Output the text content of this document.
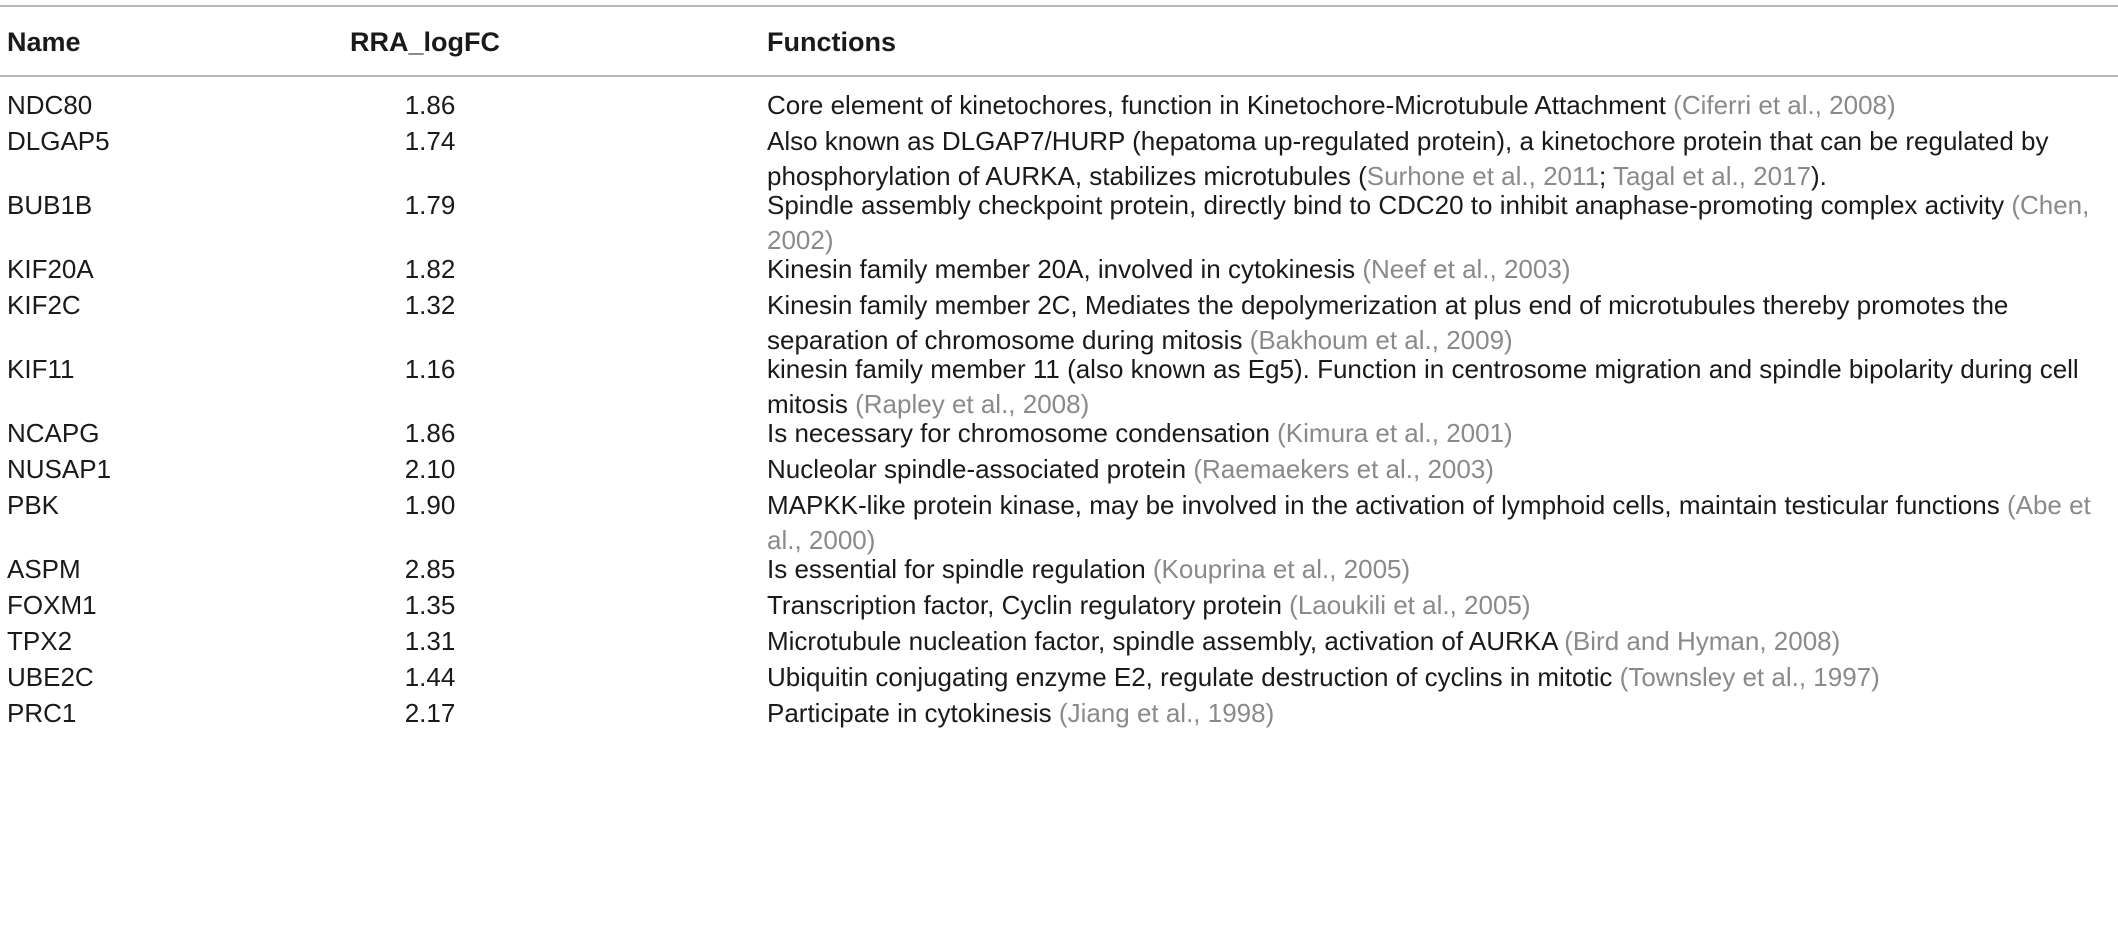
Name	RRA_logFC	Functions
NDC80	1.86	Core element of kinetochores, function in Kinetochore-Microtubule Attachment (Ciferri et al., 2008)
DLGAP5	1.74	Also known as DLGAP7/HURP (hepatoma up-regulated protein), a kinetochore protein that can be regulated by phosphorylation of AURKA, stabilizes microtubules (Surhone et al., 2011; Tagal et al., 2017).
BUB1B	1.79	Spindle assembly checkpoint protein, directly bind to CDC20 to inhibit anaphase-promoting complex activity (Chen, 2002)
KIF20A	1.82	Kinesin family member 20A, involved in cytokinesis (Neef et al., 2003)
KIF2C	1.32	Kinesin family member 2C, Mediates the depolymerization at plus end of microtubules thereby promotes the separation of chromosome during mitosis (Bakhoum et al., 2009)
KIF11	1.16	kinesin family member 11 (also known as Eg5). Function in centrosome migration and spindle bipolarity during cell mitosis (Rapley et al., 2008)
NCAPG	1.86	Is necessary for chromosome condensation (Kimura et al., 2001)
NUSAP1	2.10	Nucleolar spindle-associated protein (Raemaekers et al., 2003)
PBK	1.90	MAPKK-like protein kinase, may be involved in the activation of lymphoid cells, maintain testicular functions (Abe et al., 2000)
ASPM	2.85	Is essential for spindle regulation (Kouprina et al., 2005)
FOXM1	1.35	Transcription factor, Cyclin regulatory protein (Laoukili et al., 2005)
TPX2	1.31	Microtubule nucleation factor, spindle assembly, activation of AURKA (Bird and Hyman, 2008)
UBE2C	1.44	Ubiquitin conjugating enzyme E2, regulate destruction of cyclins in mitotic (Townsley et al., 1997)
PRC1	2.17	Participate in cytokinesis (Jiang et al., 1998)
